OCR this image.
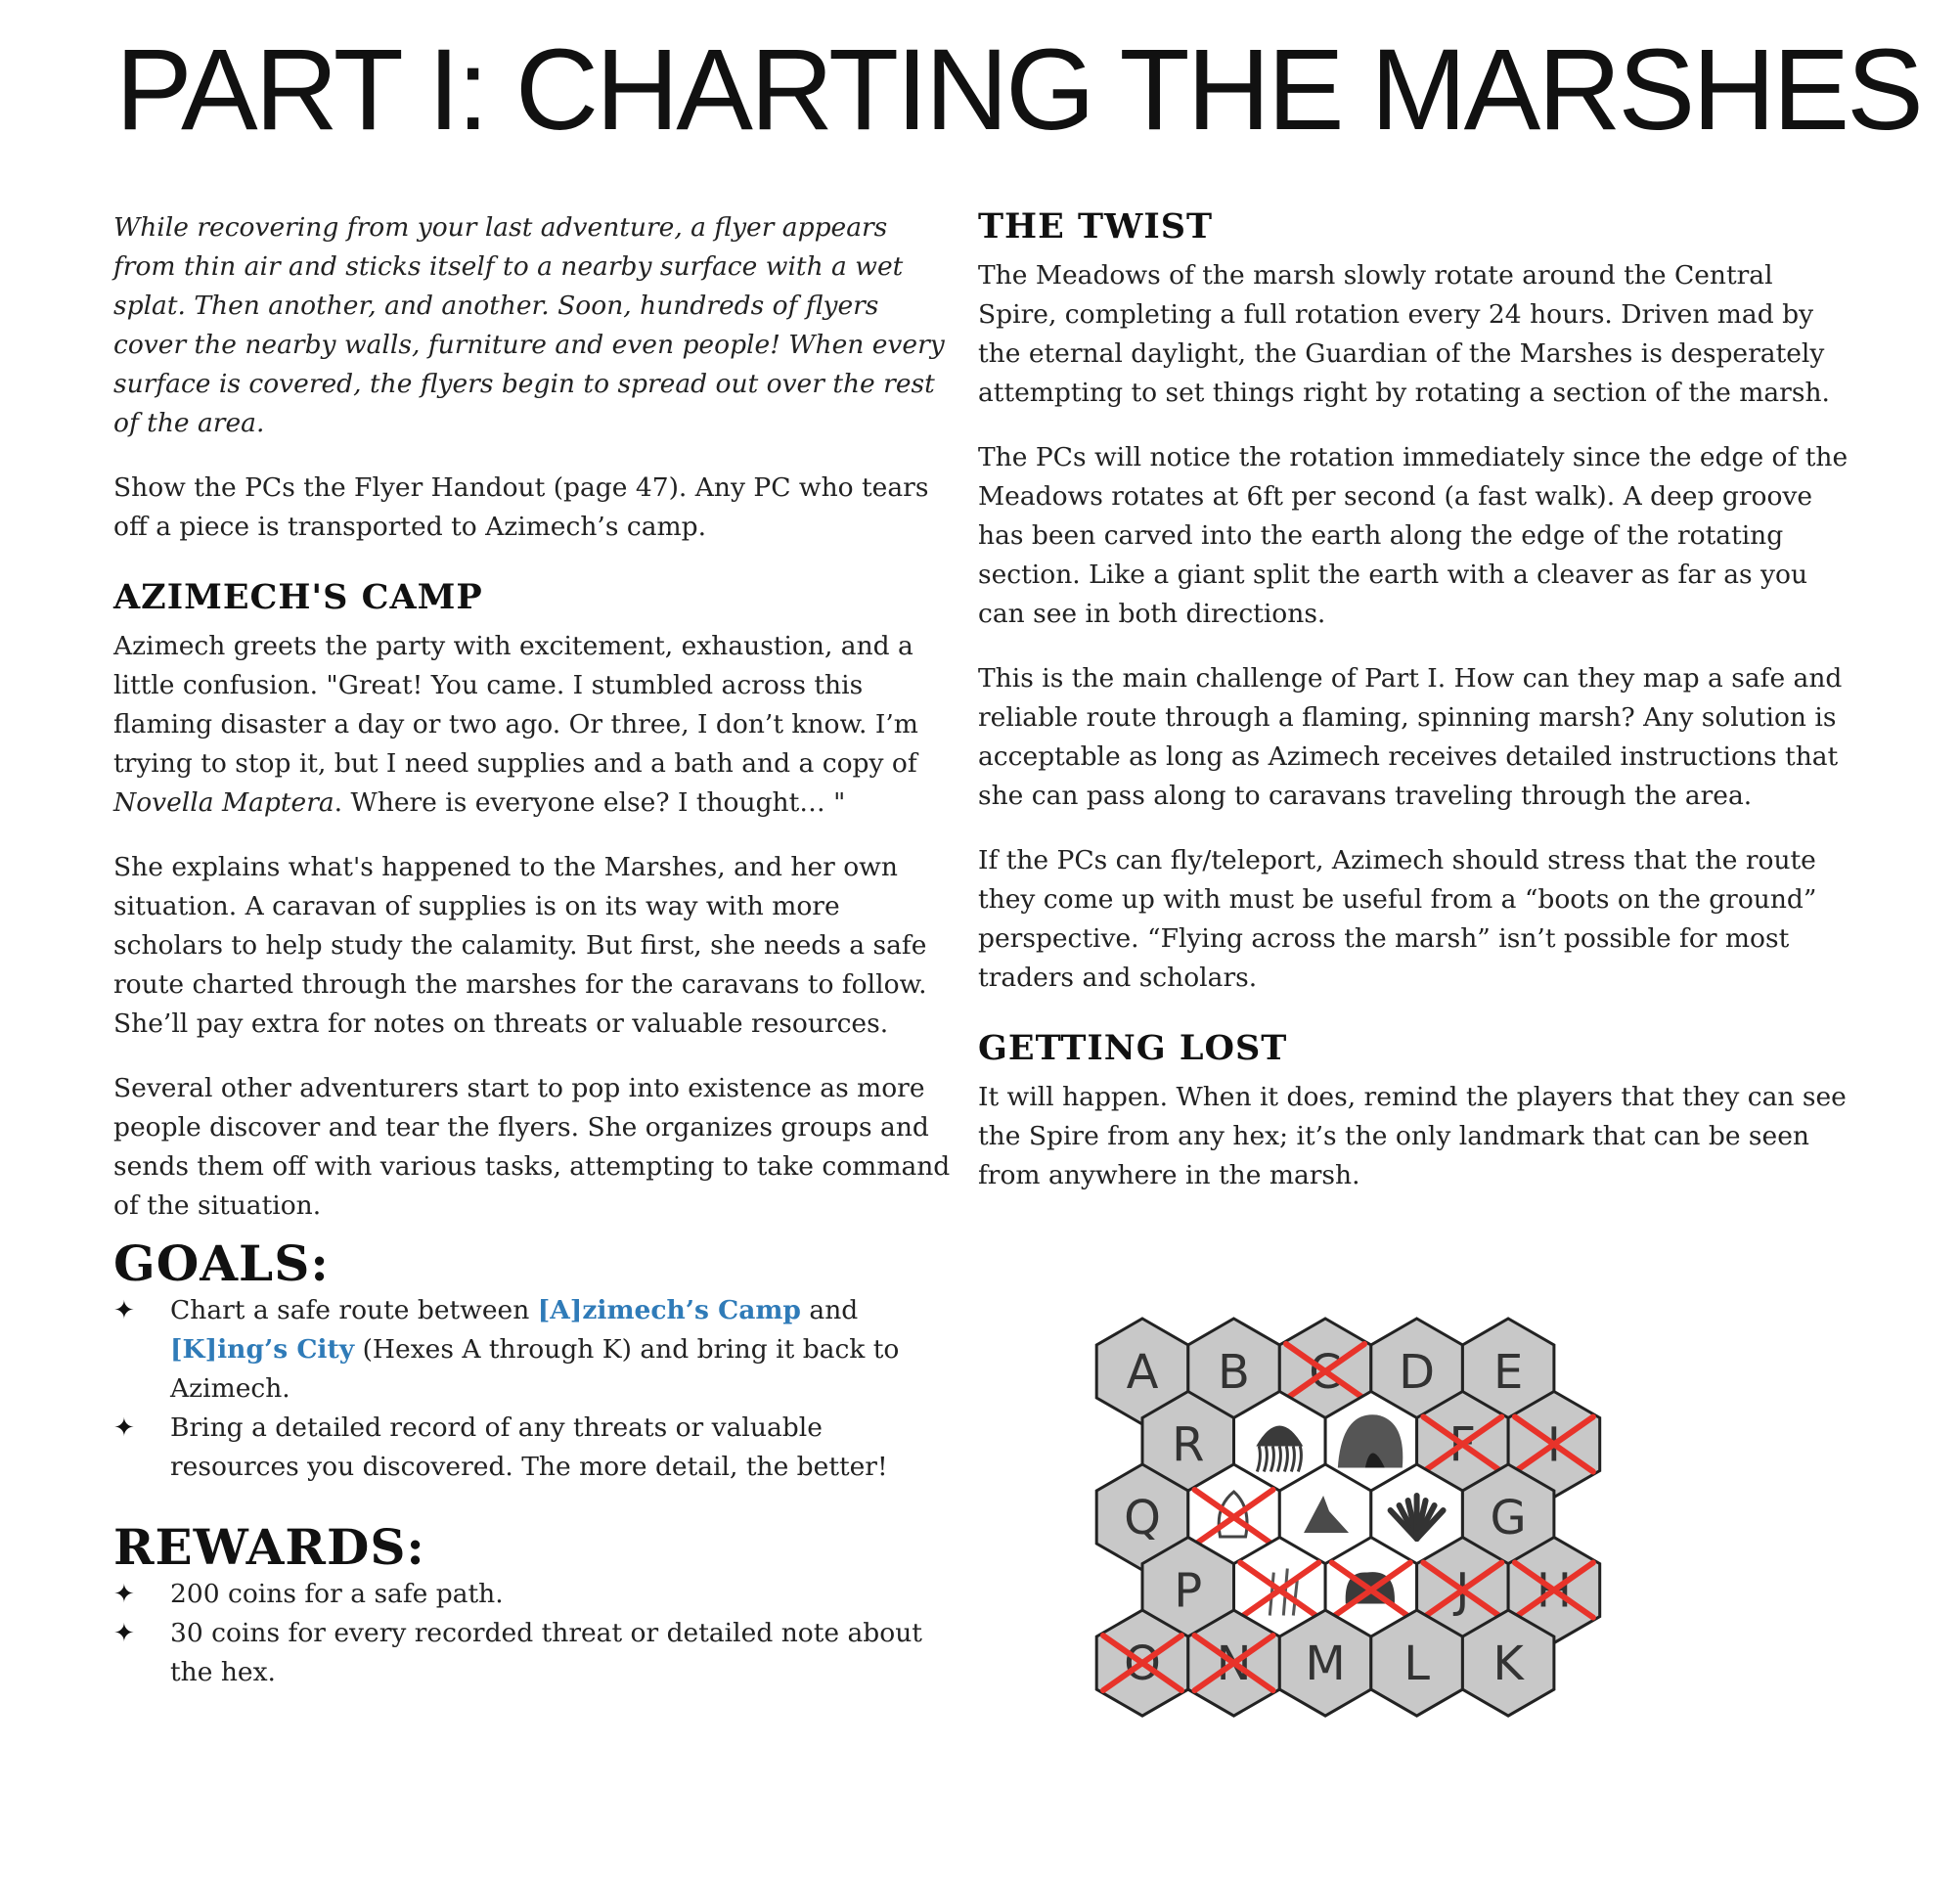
PART I: CHARTING THE MARSHES

While recovering from your last adventure, a flyer appears from thin air and sticks itself to a nearby surface with a wet splat. Then another, and another. Soon, hundreds of flyers cover the nearby walls, furniture and even people! When every surface is covered, the flyers begin to spread out over the rest of the area.

Show the PCs the Flyer Handout (page 47). Any PC who tears off a piece is transported to Azimech’s camp.

AZIMECH'S CAMP

Azimech greets the party with excitement, exhaustion, and a little confusion. "Great! You came. I stumbled across this flaming disaster a day or two ago. Or three, I don’t know. I’m trying to stop it, but I need supplies and a bath and a copy of Novella Maptera. Where is everyone else? I thought… "

She explains what's happened to the Marshes, and her own situation. A caravan of supplies is on its way with more scholars to help study the calamity. But first, she needs a safe route charted through the marshes for the caravans to follow. She’ll pay extra for notes on threats or valuable resources.

Several other adventurers start to pop into existence as more people discover and tear the flyers. She organizes groups and sends them off with various tasks, attempting to take command of the situation.

THE TWIST

The Meadows of the marsh slowly rotate around the Central Spire, completing a full rotation every 24 hours. Driven mad by the eternal daylight, the Guardian of the Marshes is desperately attempting to set things right by rotating a section of the marsh.

The PCs will notice the rotation immediately since the edge of the Meadows rotates at 6ft per second (a fast walk). A deep groove has been carved into the earth along the edge of the rotating section. Like a giant split the earth with a cleaver as far as you can see in both directions.

This is the main challenge of Part I. How can they map a safe and reliable route through a flaming, spinning marsh? Any solution is acceptable as long as Azimech receives detailed instructions that she can pass along to caravans traveling through the area.

If the PCs can fly/teleport, Azimech should stress that the route they come up with must be useful from a “boots on the ground” perspective. “Flying across the marsh” isn’t possible for most traders and scholars.

GETTING LOST

It will happen. When it does, remind the players that they can see the Spire from any hex; it’s the only landmark that can be seen from anywhere in the marsh.

GOALS:
✦ Chart a safe route between [A]zimech’s Camp and
[K]ing’s City (Hexes A through K) and bring it back to Azimech.
✦ Bring a detailed record of any threats or valuable resources you discovered. The more detail, the better!
REWARDS:
✦ 200 coins for a safe path.
✦ 30 coins for every recorded threat or detailed note about the hex.
A B C D E
R	F I
Q	G
P	J H
O N M L K
